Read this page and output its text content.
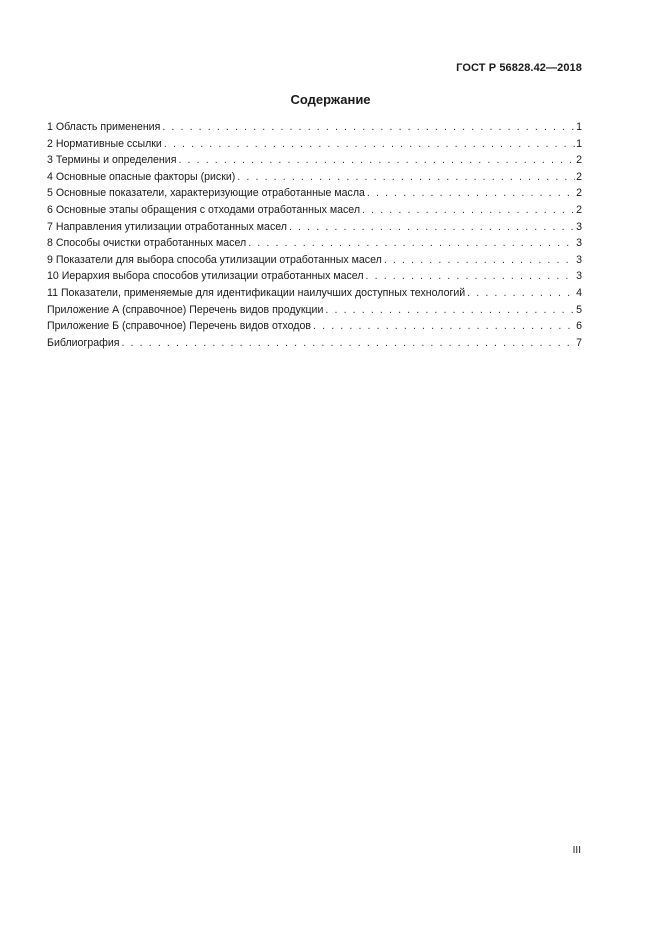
ГОСТ Р 56828.42—2018
Содержание
1 Область применения . . .	1
2 Нормативные ссылки . . .	1
3 Термины и определения . . .	2
4 Основные опасные факторы (риски) . . .	2
5 Основные показатели, характеризующие отработанные масла . . .	2
6 Основные этапы обращения с отходами отработанных масел . . .	2
7 Направления утилизации отработанных масел . . .	3
8 Способы очистки отработанных масел . . .	3
9 Показатели для выбора способа утилизации отработанных масел . . .	3
10 Иерархия выбора способов утилизации отработанных масел . . .	3
11 Показатели, применяемые для идентификации наилучших доступных технологий . . .	4
Приложение А (справочное) Перечень видов продукции . . .	5
Приложение Б (справочное) Перечень видов отходов . . .	6
Библиография . . .	7
III
